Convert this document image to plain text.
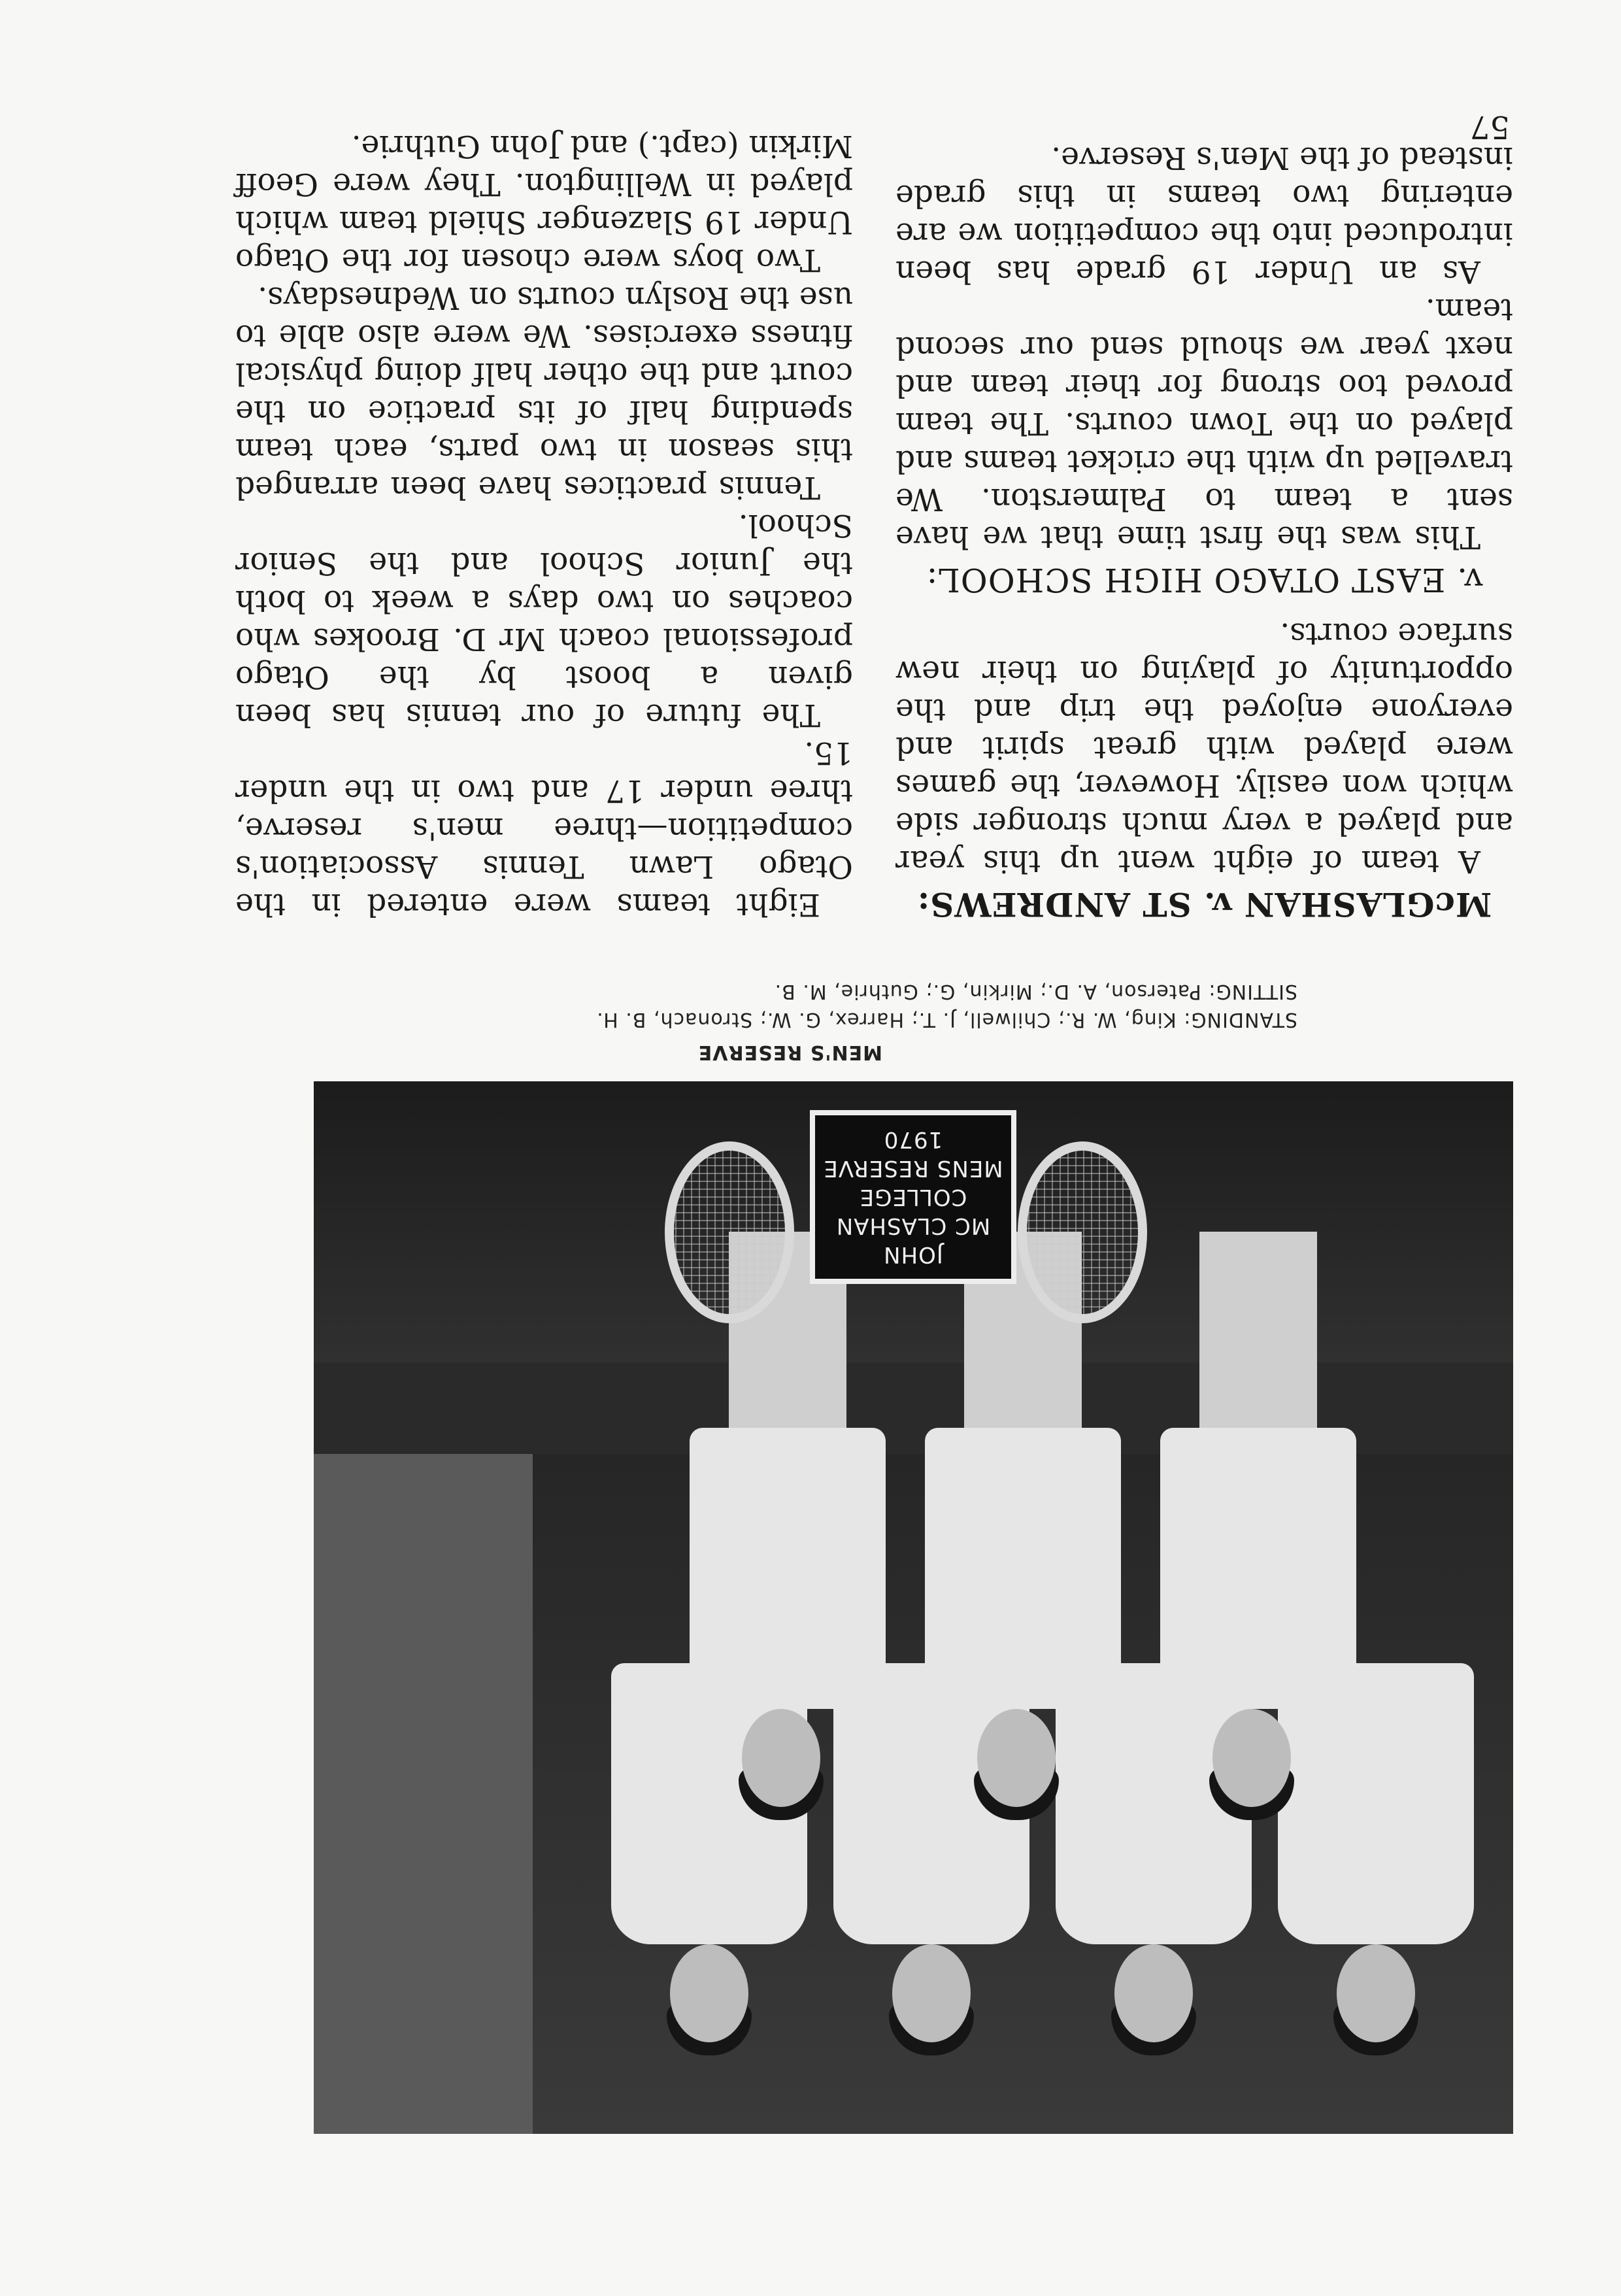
JOHN
MC CLASHAN
COLLEGE
MENS RESERVE
1970
MEN'S RESERVE
STANDING: King, W. R.; Chilwell, J. T.; Harrex, G. W.; Stronach, B. H.
SITTING: Paterson, A. D.; Mirkin, G.; Guthrie, M. B.
McGLASHAN v. ST ANDREWS:

A team of eight went up this year and played a very much stronger side which won easily. However, the games were played with great spirit and everyone enjoyed the trip and the opportunity of playing on their new surface courts.

v. EAST OTAGO HIGH SCHOOL:

This was the first time that we have sent a team to Palmerston. We travelled up with the cricket teams and played on the Town courts. The team proved too strong for their team and next year we should send our second team.

As an Under 19 grade has been introduced into the competition we are entering two teams in this grade instead of the Men's Reserve.

Eight teams were entered in the Otago Lawn Tennis Association's competition—three men's reserve, three under 17 and two in the under 15.

The future of our tennis has been given a boost by the Otago professional coach Mr D. Brookes who coaches on two days a week to both the Junior School and the Senior School.

Tennis practices have been arranged this season in two parts, each team spending half of its practice on the court and the other half doing physical fitness exercises. We were also able to use the Roslyn courts on Wednesdays.

Two boys were chosen for the Otago Under 19 Slazenger Shield team which played in Wellington. They were Geoff Mirkin (capt.) and John Guthrie.

57
